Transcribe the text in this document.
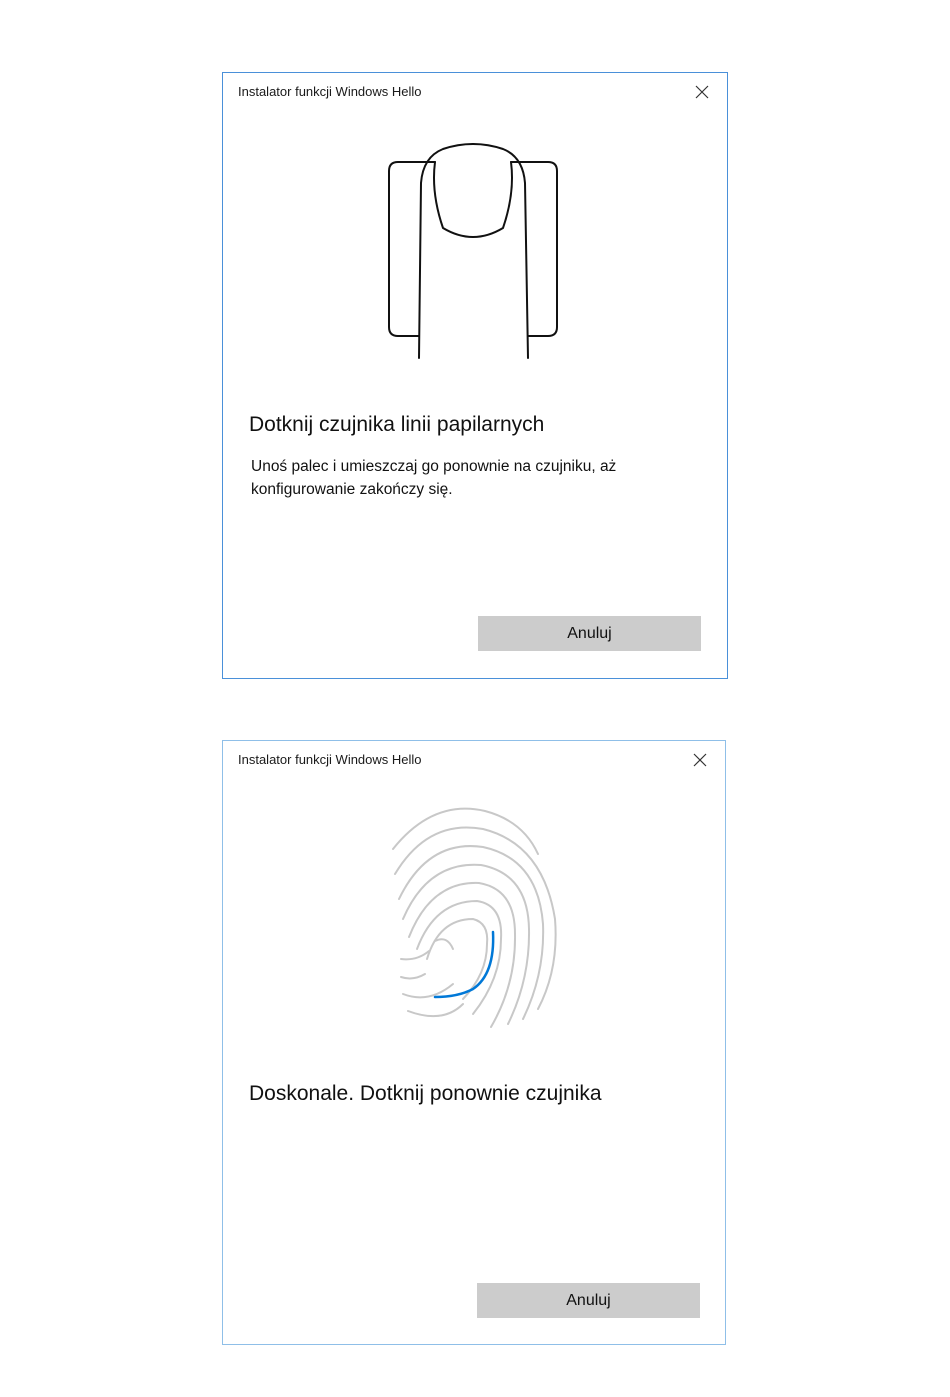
Instalator funkcji Windows Hello
Dotknij czujnika linii papilarnych
Unoś palec i umieszczaj go ponownie na czujniku, aż konfigurowanie zakończy się.
Anuluj
Instalator funkcji Windows Hello
Doskonale. Dotknij ponownie czujnika
Anuluj
